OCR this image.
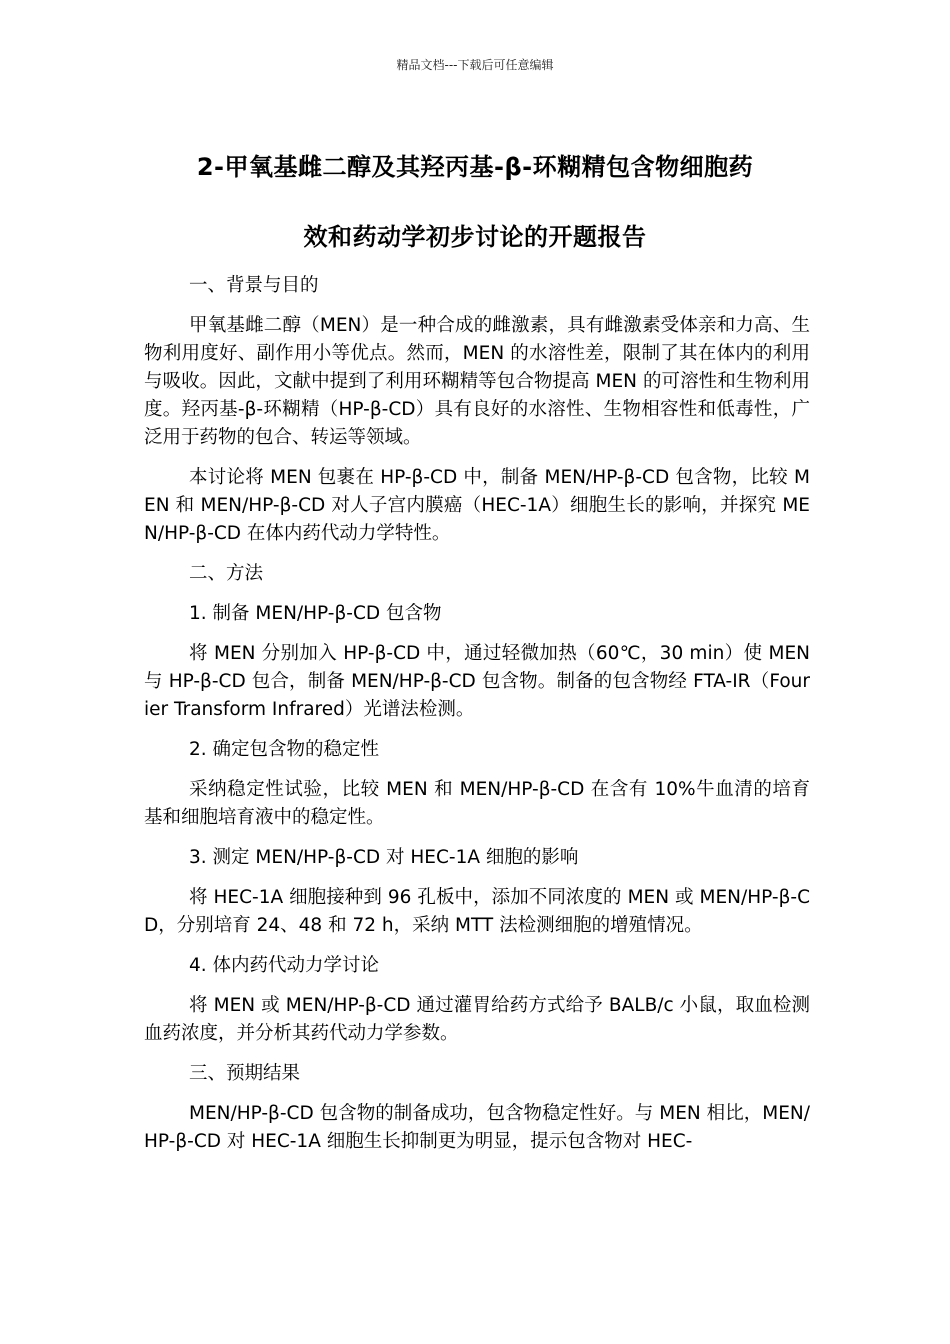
精品文档---下载后可任意编辑
2-甲氧基雌二醇及其羟丙基-β-环糊精包含物细胞药
效和药动学初步讨论的开题报告

一、背景与目的

甲氧基雌二醇（MEN）是一种合成的雌激素，具有雌激素受体亲和力高、生物利用度好、副作用小等优点。然而，MEN 的水溶性差，限制了其在体内的利用与吸收。因此，文献中提到了利用环糊精等包合物提高 MEN 的可溶性和生物利用度。羟丙基-β-环糊精（HP-β-CD）具有良好的水溶性、生物相容性和低毒性，广泛用于药物的包合、转运等领域。

本讨论将 MEN 包裹在 HP-β-CD 中，制备 MEN/HP-β-CD 包含物，比较 MEN 和 MEN/HP-β-CD 对人子宫内膜癌（HEC-1A）细胞生长的影响，并探究 MEN/HP-β-CD 在体内药代动力学特性。

二、方法

1. 制备 MEN/HP-β-CD 包含物

将 MEN 分别加入 HP-β-CD 中，通过轻微加热（60℃，30 min）使 MEN 与 HP-β-CD 包合，制备 MEN/HP-β-CD 包含物。制备的包含物经 FTA-IR（Fourier Transform Infrared）光谱法检测。

2. 确定包含物的稳定性

采纳稳定性试验，比较 MEN 和 MEN/HP-β-CD 在含有 10%牛血清的培育基和细胞培育液中的稳定性。

3. 测定 MEN/HP-β-CD 对 HEC-1A 细胞的影响

将 HEC-1A 细胞接种到 96 孔板中，添加不同浓度的 MEN 或 MEN/HP-β-CD，分别培育 24、48 和 72 h，采纳 MTT 法检测细胞的增殖情况。

4. 体内药代动力学讨论

将 MEN 或 MEN/HP-β-CD 通过灌胃给药方式给予 BALB/c 小鼠，取血检测血药浓度，并分析其药代动力学参数。

三、预期结果

MEN/HP-β-CD 包含物的制备成功，包含物稳定性好。与 MEN 相比，MEN/HP-β-CD 对 HEC-1A 细胞生长抑制更为明显，提示包含物对 HEC-
